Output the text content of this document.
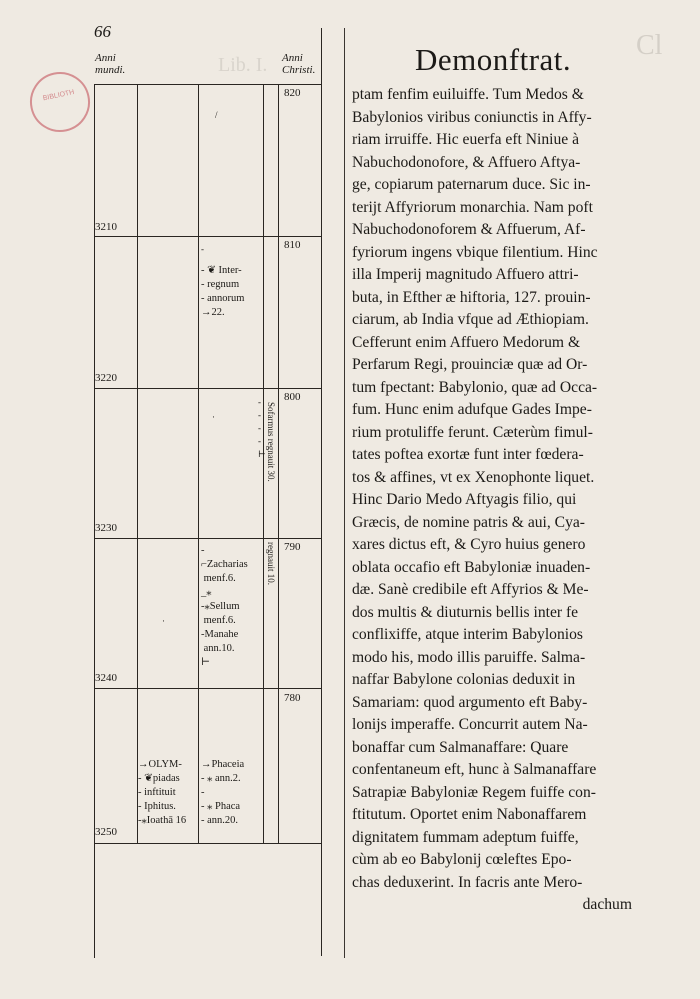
BIBLIOTH
Lib. I.
Cl
66
Anni
mundi.
Anni
Christi.
820
810
800
790
780
3210
3220
3230
3240
3250
- ❦ Inter-
- regnum
- annorum
→22.
-
/
-
-
-
-
⊢
·	Sofarmus regnauit 30.
-
⌐Zacharias
menf.6.
_⁎
-⁎Sellum
menf.6.
-Manahe
ann.10.
⊢
·
regnauit 10.
→OLYM-
- ❦piadas
- inftituit
- Iphitus.
-⁎Ioathā 16
→Phaceia
- ⁎ ann.2.
-
- ⁎ Phaca
- ann.20.
Demonftrat.
ptam fenfim euiluiffe. Tum Medos &
Babylonios viribus coniunctis in Affy-
riam irruiffe. Hic euerfa eft Niniue à
Nabuchodonofore, & Affuero Aftya-
ge, copiarum paternarum duce. Sic in-
terijt Affyriorum monarchia. Nam poft
Nabuchodonoforem & Affuerum, Af-
fyriorum ingens vbique filentium. Hinc
illa Imperij magnitudo Affuero attri-
buta, in Efther æ hiftoria, 127. prouin-
ciarum, ab India vfque ad Æthiopiam.
Cefferunt enim Affuero Medorum &
Perfarum Regi, prouinciæ quæ ad Or-
tum fpectant: Babylonio, quæ ad Occa-
fum. Hunc enim adufque Gades Impe-
rium protuliffe ferunt. Cæterùm fimul-
tates poftea exortæ funt inter fœdera-
tos & affines, vt ex Xenophonte liquet.
Hinc Dario Medo Aftyagis filio, qui
Græcis, de nomine patris & aui, Cya-
xares dictus eft, & Cyro huius genero
oblata occafio eft Babyloniæ inuaden-
dæ. Sanè credibile eft Affyrios & Me-
dos multis & diuturnis bellis inter fe
conflixiffe, atque interim Babylonios
modo his, modo illis paruiffe. Salma-
naffar Babylone colonias deduxit in
Samariam: quod argumento eft Baby-
lonijs imperaffe. Concurrit autem Na-
bonaffar cum Salmanaffare: Quare
confentaneum eft, hunc à Salmanaffare
Satrapiæ Babyloniæ Regem fuiffe con-
ftitutum. Oportet enim Nabonaffarem
dignitatem fummam adeptum fuiffe,
cùm ab eo Babylonij cœleftes Epo-
chas deduxerint. In facris ante Mero-
dachum
